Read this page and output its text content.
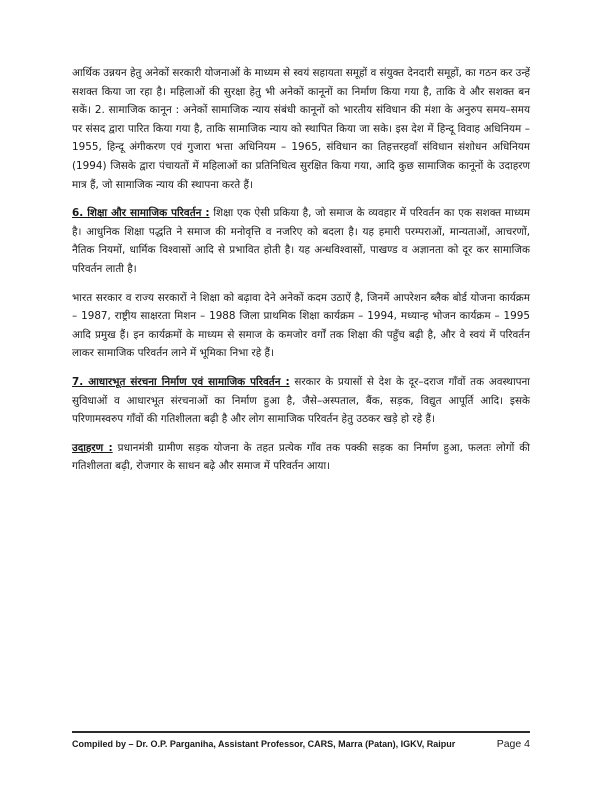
आर्थिक उन्नयन हेतु अनेकों सरकारी योजनाओं के माध्यम से स्वयं सहायता समूहों व संयुक्त देनदारी समूहों, का गठन कर उन्हें सशक्त किया जा रहा है। महिलाओं की सुरक्षा हेतु भी अनेकों कानूनों का निर्माण किया गया है, ताकि वे और सशक्त बन सकें। 2. सामाजिक कानून : अनेकों सामाजिक न्याय संबंधी कानूनों को भारतीय संविधान की मंशा के अनुरुप समय–समय पर संसद द्वारा पारित किया गया है, ताकि सामाजिक न्याय को स्थापित किया जा सके। इस देश में हिन्दू विवाह अधिनियम – 1955, हिन्दू अंगीकरण एवं गुजारा भत्ता अधिनियम – 1965, संविधान का तिहत्तरहवाँ संविधान संशोधन अधिनियम (1994) जिसके द्वारा पंचायतों में महिलाओं का प्रतिनिधित्व सुरक्षित किया गया, आदि कुछ सामाजिक कानूनों के उदाहरण मात्र हैं, जो सामाजिक न्याय की स्थापना करते हैं।

6. शिक्षा और सामाजिक परिवर्तन : शिक्षा एक ऐसी प्रकिया है, जो समाज के व्यवहार में परिवर्तन का एक सशक्त माध्यम है। आधुनिक शिक्षा पद्धति ने समाज की मनोवृत्ति व नजरिए को बदला है। यह हमारी परम्पराओं, मान्यताओं, आचरणों, नैतिक नियमों, धार्मिक विश्वासों आदि से प्रभावित होती है। यह अन्धविश्वासों, पाखण्ड व अज्ञानता को दूर कर सामाजिक परिवर्तन लाती है।

भारत सरकार व राज्य सरकारों ने शिक्षा को बढ़ावा देने अनेकों कदम उठाऐं है, जिनमें आपरेशन ब्लैक बोर्ड योजना कार्यक्रम – 1987, राष्ट्रीय साक्षरता मिशन – 1988 जिला प्राथमिक शिक्षा कार्यक्रम – 1994, मध्यान्ह भोजन कार्यक्रम – 1995 आदि प्रमुख हैं। इन कार्यक्रमों के माध्यम से समाज के कमजोर वर्गों तक शिक्षा की पहुँच बढ़ी है, और वे स्वयं में परिवर्तन लाकर सामाजिक परिवर्तन लाने में भूमिका निभा रहे हैं।

7. आधारभूत संरचना निर्माण एवं सामाजिक परिवर्तन : सरकार के प्रयासों से देश के दूर–दराज गाँवों तक अवस्थापना सुविधाओं व आधारभूत संरचनाओं का निर्माण हुआ है, जैसे–अस्पताल, बैंक, सड़क, विद्युत आपूर्ति आदि। इसके परिणामस्वरुप गाँवों की गतिशीलता बढ़ी है और लोग सामाजिक परिवर्तन हेतु उठकर खड़े हो रहे हैं।

उदाहरण : प्रधानमंत्री ग्रामीण सड़क योजना के तहत प्रत्येक गाँव तक पक्की सड़क का निर्माण हुआ, फलतः लोगों की गतिशीलता बढ़ी, रोजगार के साधन बढ़े और समाज में परिवर्तन आया।

Compiled by – Dr. O.P. Parganiha, Assistant Professor, CARS, Marra (Patan), IGKV, Raipur	Page 4
